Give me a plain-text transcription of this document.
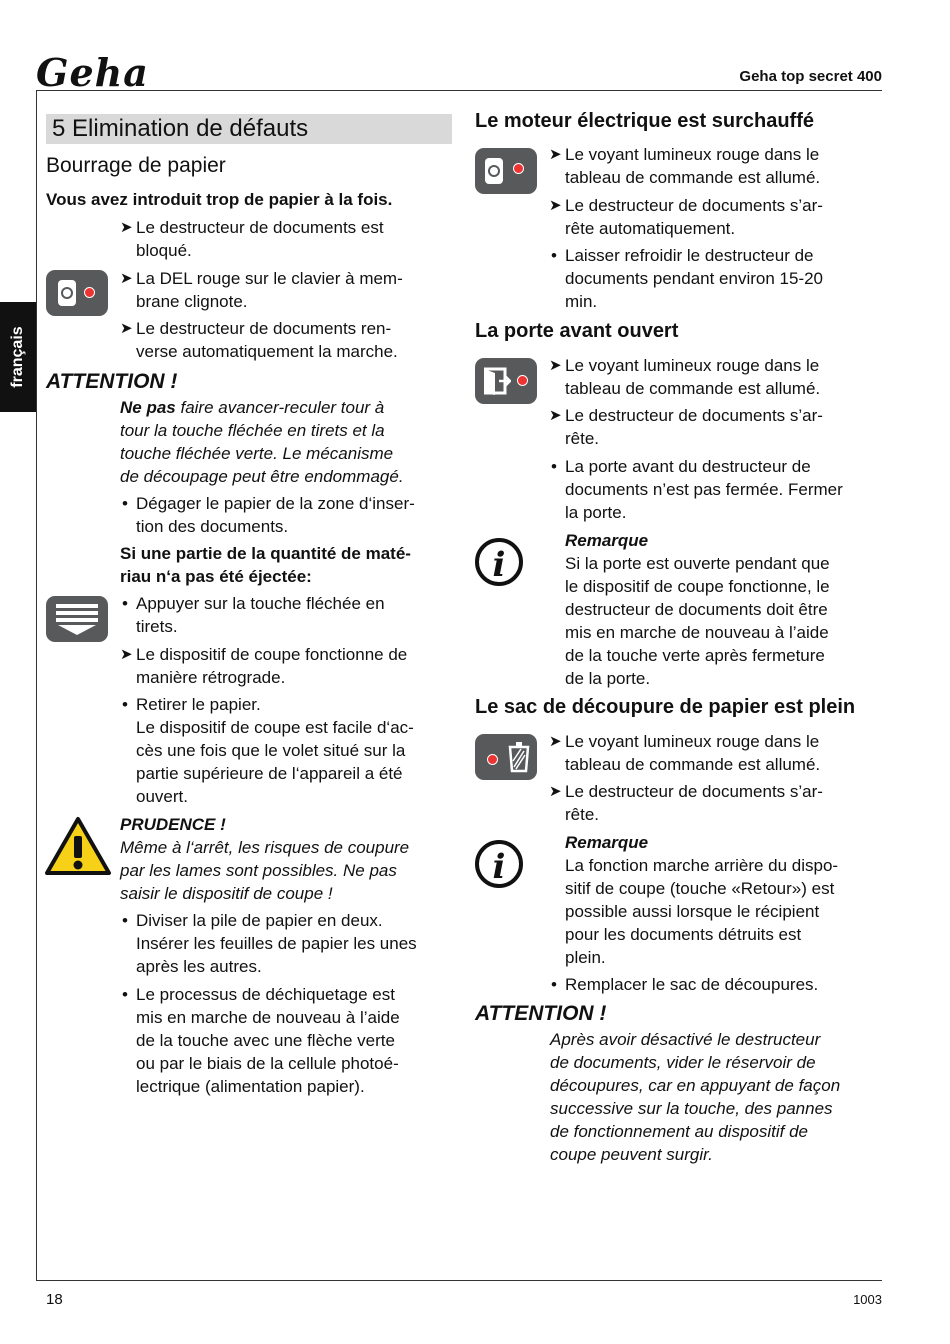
Geha	Geha top secret 400
français
18	1003
5 Elimination de défauts
Bourrage de papier
Vous avez introduit trop de papier à la fois.
➤ Le destructeur de documents est
bloqué.
➤ La DEL rouge sur le clavier à mem-
brane clignote.
➤ Le destructeur de documents ren-
verse automatiquement la marche.
ATTENTION !
Ne pas faire avancer-reculer tour à
tour la touche fléchée en tirets et la
touche fléchée verte. Le mécanisme
de découpage peut être endommagé.
• Dégager le papier de la zone d‘inser-
tion des documents.
Si une partie de la quantité de maté-
riau n‘a pas été éjectée:
• Appuyer sur la touche fléchée en
tirets.
➤ Le dispositif de coupe fonctionne de
manière rétrograde.
• Retirer le papier.
Le dispositif de coupe est facile d‘ac-
cès une fois que le volet situé sur la
partie supérieure de l‘appareil a été
ouvert.
PRUDENCE !
Même à l‘arrêt, les risques de coupure
par les lames sont possibles. Ne pas
saisir le dispositif de coupe !
• Diviser la pile de papier en deux.
Insérer les feuilles de papier les unes
après les autres.
• Le processus de déchiquetage est
mis en marche de nouveau à l’aide
de la touche avec une flèche verte
ou par le biais de la cellule photoé-
lectrique (alimentation papier).
Le moteur électrique est surchauffé
➤ Le voyant lumineux rouge dans le
tableau de commande est allumé.
➤ Le destructeur de documents s’ar-
rête automatiquement.
• Laisser refroidir le destructeur de
documents pendant environ 15-20
min.
La porte avant ouvert
➤ Le voyant lumineux rouge dans le
tableau de commande est allumé.
➤ Le destructeur de documents s’ar-
rête.
• La porte avant du destructeur de
documents n’est pas fermée. Fermer
la porte.
i
Remarque
Si la porte est ouverte pendant que
le dispositif de coupe fonctionne, le
destructeur de documents doit être
mis en marche de nouveau à l’aide
de la touche verte après fermeture
de la porte.
Le sac de découpure de papier est plein
➤ Le voyant lumineux rouge dans le
tableau de commande est allumé.
➤ Le destructeur de documents s’ar-
rête.
i
Remarque
La fonction marche arrière du dispo-
sitif de coupe (touche «Retour») est
possible aussi lorsque le récipient
pour les documents détruits est
plein.
• Remplacer le sac de découpures.
ATTENTION !
Après avoir désactivé le destructeur
de documents, vider le réservoir de
découpures, car en appuyant de façon
successive sur la touche, des pannes
de fonctionnement au dispositif de
coupe peuvent surgir.
